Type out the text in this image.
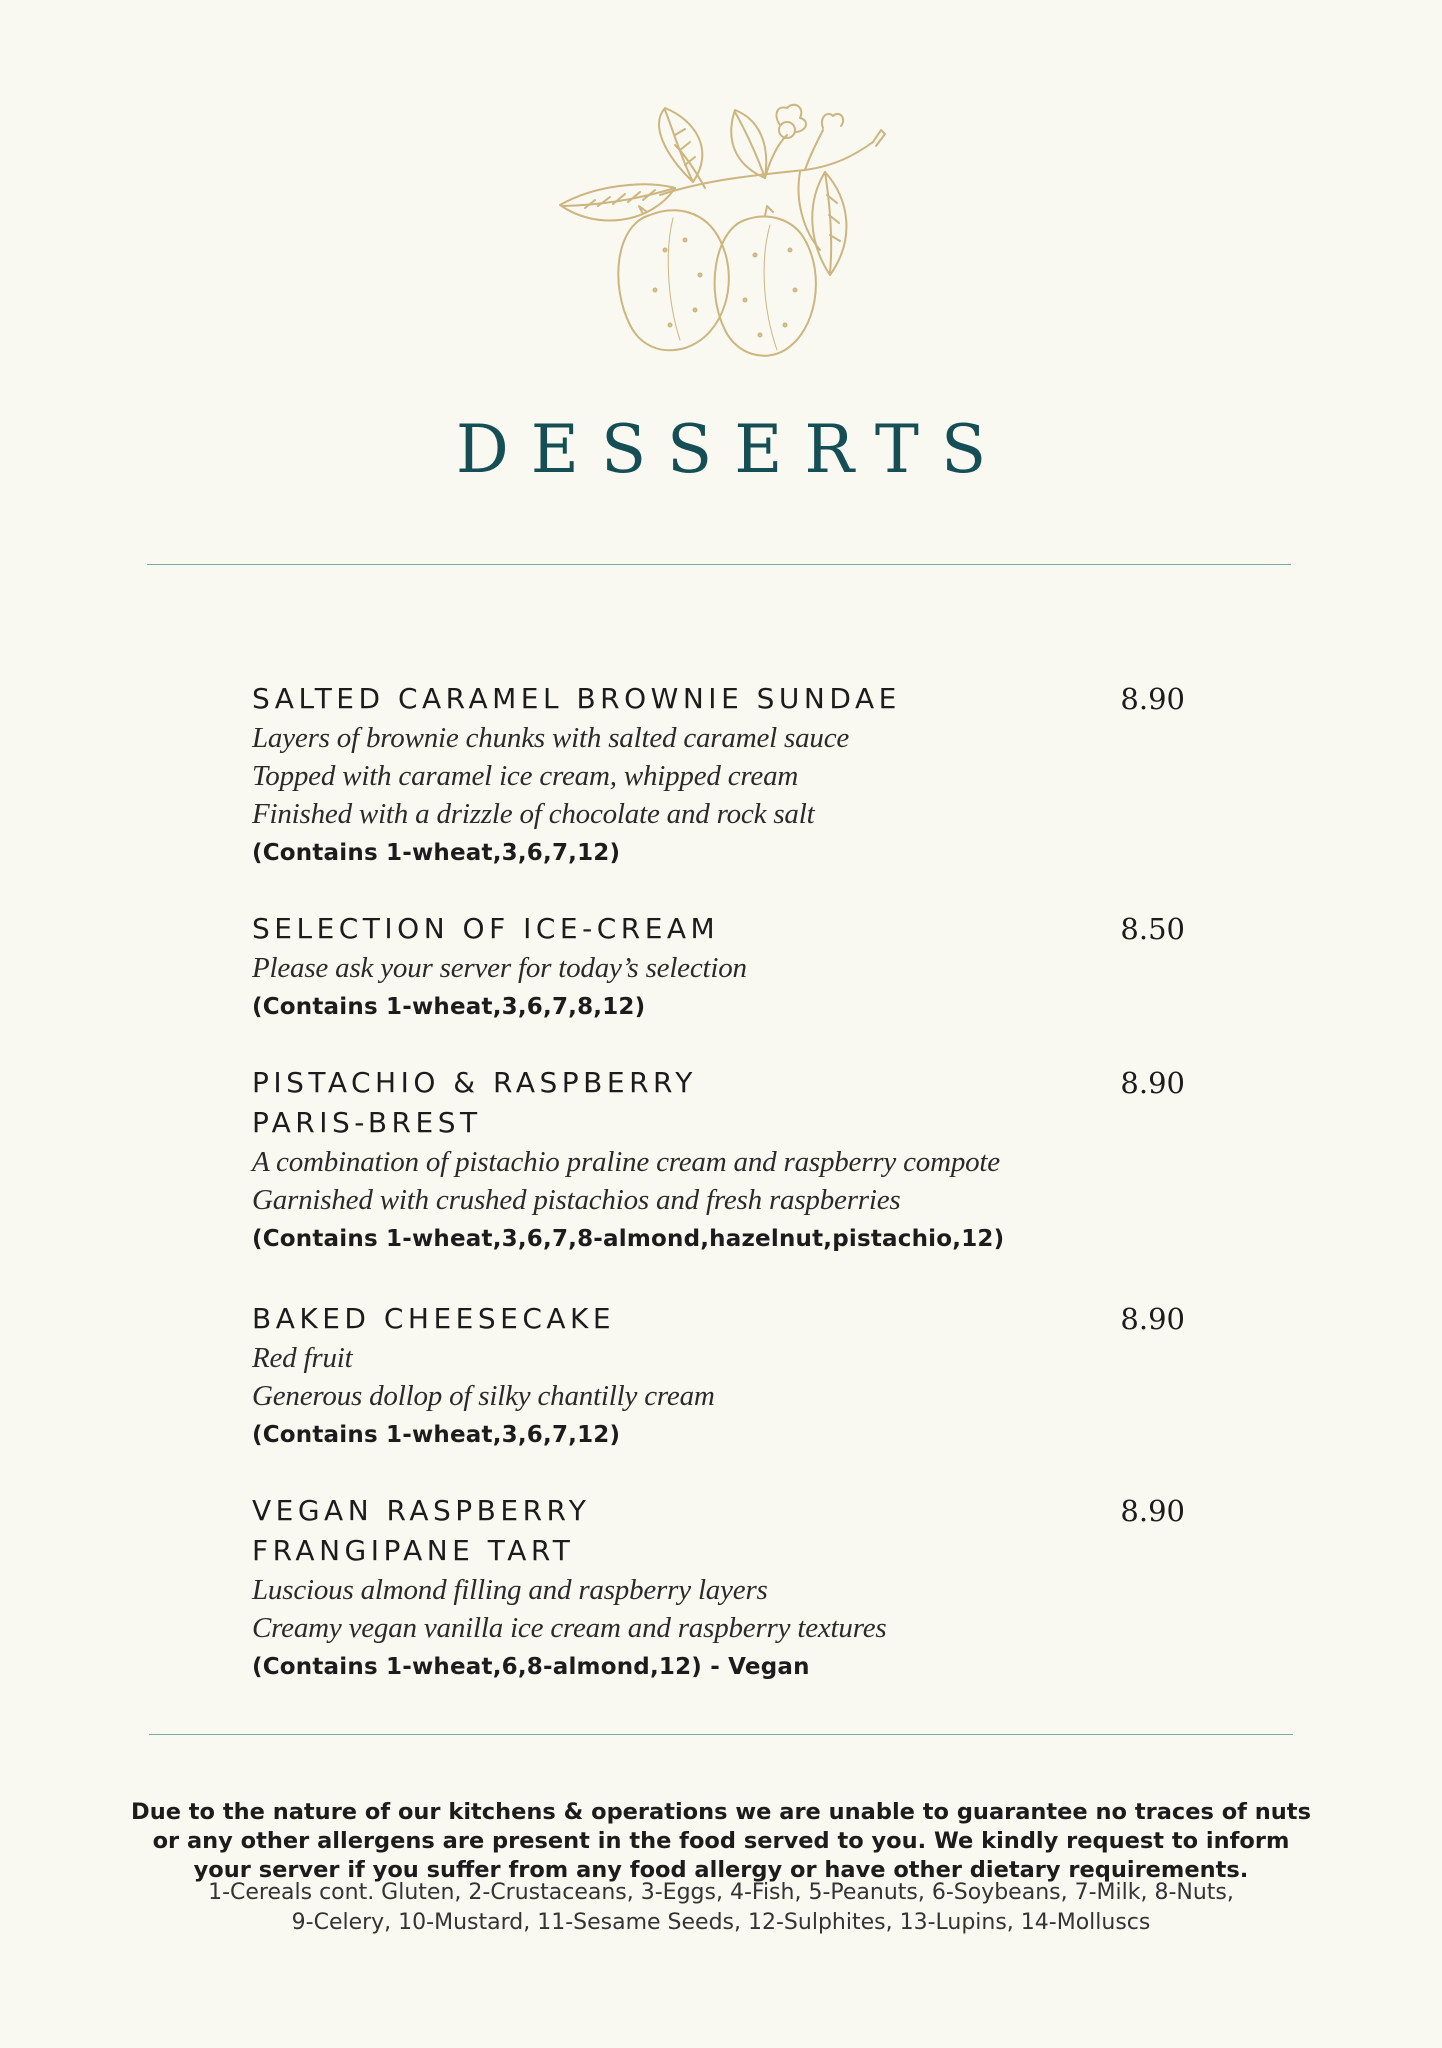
DESSERTS
SALTED CARAMEL BROWNIE SUNDAE	8.90
Layers of brownie chunks with salted caramel sauce
Topped with caramel ice cream, whipped cream
Finished with a drizzle of chocolate and rock salt
(Contains 1-wheat,3,6,7,12)
SELECTION OF ICE-CREAM	8.50
Please ask your server for today’s selection
(Contains 1-wheat,3,6,7,8,12)
PISTACHIO & RASPBERRY
PARIS-BREST
8.90
A combination of pistachio praline cream and raspberry compote
Garnished with crushed pistachios and fresh raspberries
(Contains 1-wheat,3,6,7,8-almond,hazelnut,pistachio,12)
BAKED CHEESECAKE	8.90
Red fruit
Generous dollop of silky chantilly cream
(Contains 1-wheat,3,6,7,12)
VEGAN RASPBERRY
FRANGIPANE TART
8.90
Luscious almond filling and raspberry layers
Creamy vegan vanilla ice cream and raspberry textures
(Contains 1-wheat,6,8-almond,12) - Vegan
Due to the nature of our kitchens & operations we are unable to guarantee no traces of nuts
or any other allergens are present in the food served to you. We kindly request to inform
your server if you suffer from any food allergy or have other dietary requirements.
1-Cereals cont. Gluten, 2-Crustaceans, 3-Eggs, 4-Fish, 5-Peanuts, 6-Soybeans, 7-Milk, 8-Nuts,
9-Celery, 10-Mustard, 11-Sesame Seeds, 12-Sulphites, 13-Lupins, 14-Molluscs
